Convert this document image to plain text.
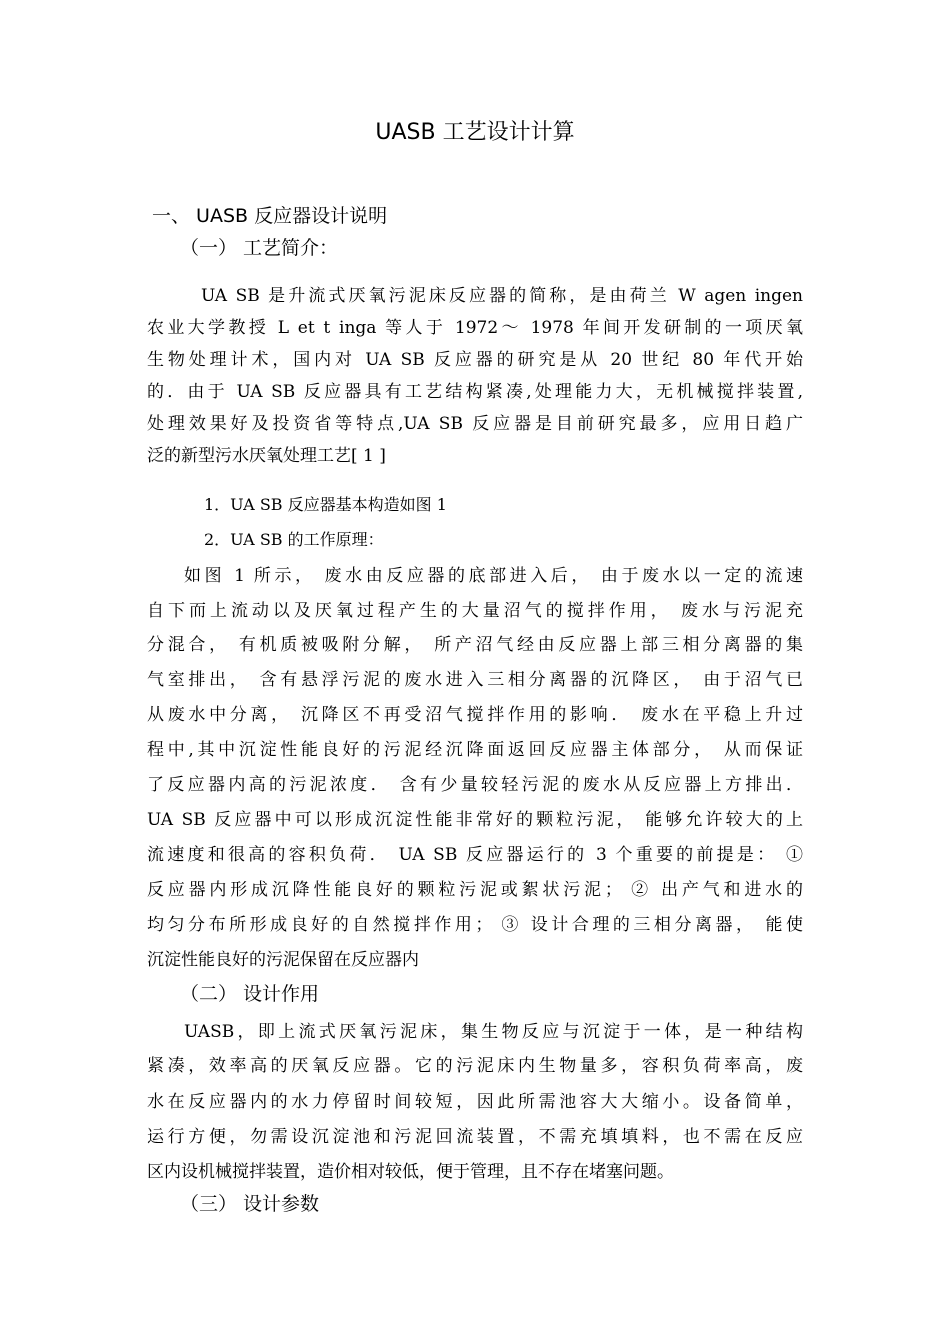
UASB 工艺设计计算
一、 UASB 反应器设计说明
（一） 工艺简介：
UA SB 是升流式厌氧污泥床反应器的简称，是由荷兰 W agen ingen
农业大学教授 L et t inga 等人于 1972～ 1978 年间开发研制的一项厌氧
生物处理计术，国内对 UA SB 反应器的研究是从 20 世纪 80 年代开始
的．由于 UA SB 反应器具有工艺结构紧凑,处理能力大，无机械搅拌装置,
处理效果好及投资省等特点,UA SB 反应器是目前研究最多，应用日趋广
泛的新型污水厌氧处理工艺[ 1 ]
1．UA SB 反应器基本构造如图 1
2．UA SB 的工作原理：
如图 1 所示， 废水由反应器的底部进入后， 由于废水以一定的流速
自下而上流动以及厌氧过程产生的大量沼气的搅拌作用， 废水与污泥充
分混合， 有机质被吸附分解， 所产沼气经由反应器上部三相分离器的集
气室排出， 含有悬浮污泥的废水进入三相分离器的沉降区， 由于沼气已
从废水中分离， 沉降区不再受沼气搅拌作用的影响． 废水在平稳上升过
程中,其中沉淀性能良好的污泥经沉降面返回反应器主体部分， 从而保证
了反应器内高的污泥浓度． 含有少量较轻污泥的废水从反应器上方排出．
UA SB 反应器中可以形成沉淀性能非常好的颗粒污泥， 能够允许较大的上
流速度和很高的容积负荷． UA SB 反应器运行的 3 个重要的前提是： ①
反应器内形成沉降性能良好的颗粒污泥或絮状污泥； ② 出产气和进水的
均匀分布所形成良好的自然搅拌作用； ③ 设计合理的三相分离器， 能使
沉淀性能良好的污泥保留在反应器内
（二） 设计作用
UASB，即上流式厌氧污泥床，集生物反应与沉淀于一体，是一种结构
紧凑，效率高的厌氧反应器。它的污泥床内生物量多，容积负荷率高，废
水在反应器内的水力停留时间较短，因此所需池容大大缩小。设备简单，
运行方便，勿需设沉淀池和污泥回流装置，不需充填填料，也不需在反应
区内设机械搅拌装置，造价相对较低，便于管理，且不存在堵塞问题。
（三） 设计参数
